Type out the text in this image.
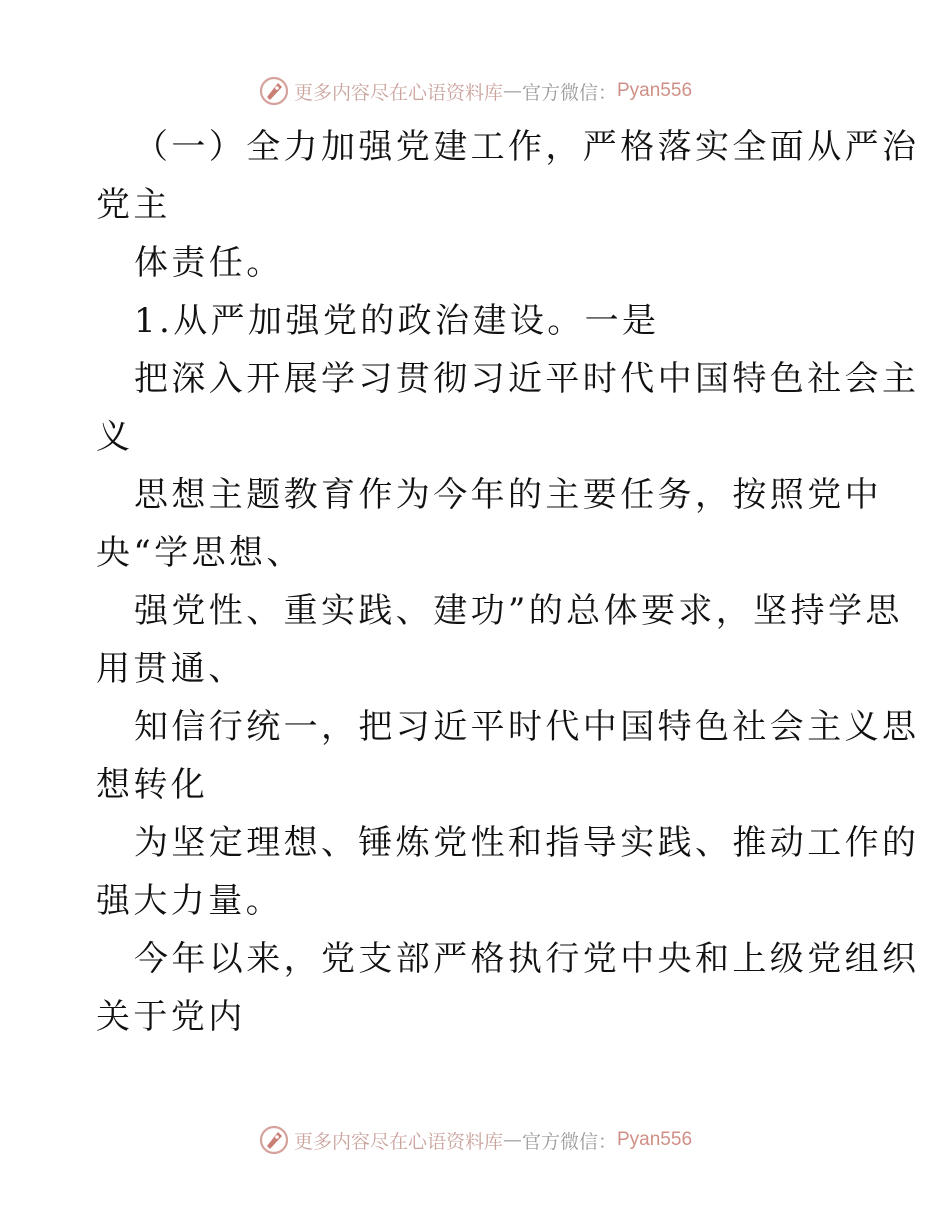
更多内容尽在心语资料库 — 官方微信： Pyan556
（一）全力加强党建工作，严格落实全面从严治
党主
体责任。
1.从严加强党的政治建设。一是
把深入开展学习贯彻习近平时代中国特色社会主
义
思想主题教育作为今年的主要任务，按照党中
央“学思想、
强党性、重实践、建功”的总体要求，坚持学思
用贯通、
知信行统一，把习近平时代中国特色社会主义思
想转化
为坚定理想、锤炼党性和指导实践、推动工作的
强大力量。
今年以来，党支部严格执行党中央和上级党组织
关于党内
更多内容尽在心语资料库 — 官方微信： Pyan556
